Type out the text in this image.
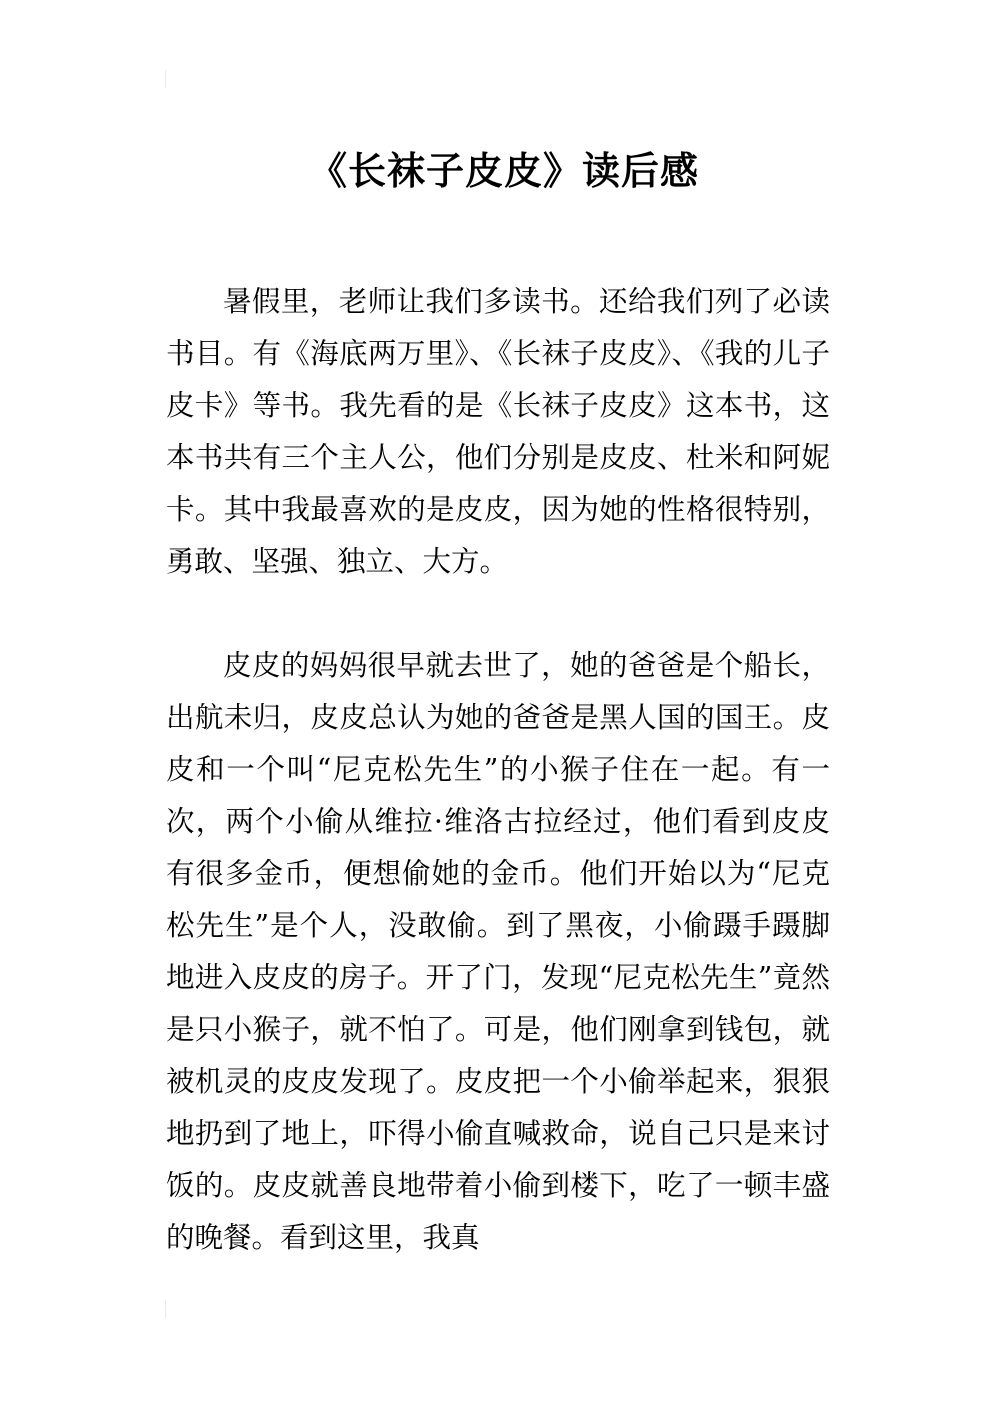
《长袜子皮皮》读后感

暑假里，老师让我们多读书。还给我们列了必读书目。有《海底两万里》、《长袜子皮皮》、《我的儿子皮卡》等书。我先看的是《长袜子皮皮》这本书，这本书共有三个主人公，他们分别是皮皮、杜米和阿妮卡。其中我最喜欢的是皮皮，因为她的性格很特别，勇敢、坚强、独立、大方。

皮皮的妈妈很早就去世了，她的爸爸是个船长，出航未归，皮皮总认为她的爸爸是黑人国的国王。皮皮和一个叫“尼克松先生”的小猴子住在一起。有一次，两个小偷从维拉·维洛古拉经过，他们看到皮皮有很多金币，便想偷她的金币。他们开始以为“尼克松先生”是个人，没敢偷。到了黑夜，小偷蹑手蹑脚地进入皮皮的房子。开了门，发现“尼克松先生”竟然是只小猴子，就不怕了。可是，他们刚拿到钱包，就被机灵的皮皮发现了。皮皮把一个小偷举起来，狠狠地扔到了地上，吓得小偷直喊救命，说自己只是来讨饭的。皮皮就善良地带着小偷到楼下，吃了一顿丰盛的晚餐。看到这里，我真
